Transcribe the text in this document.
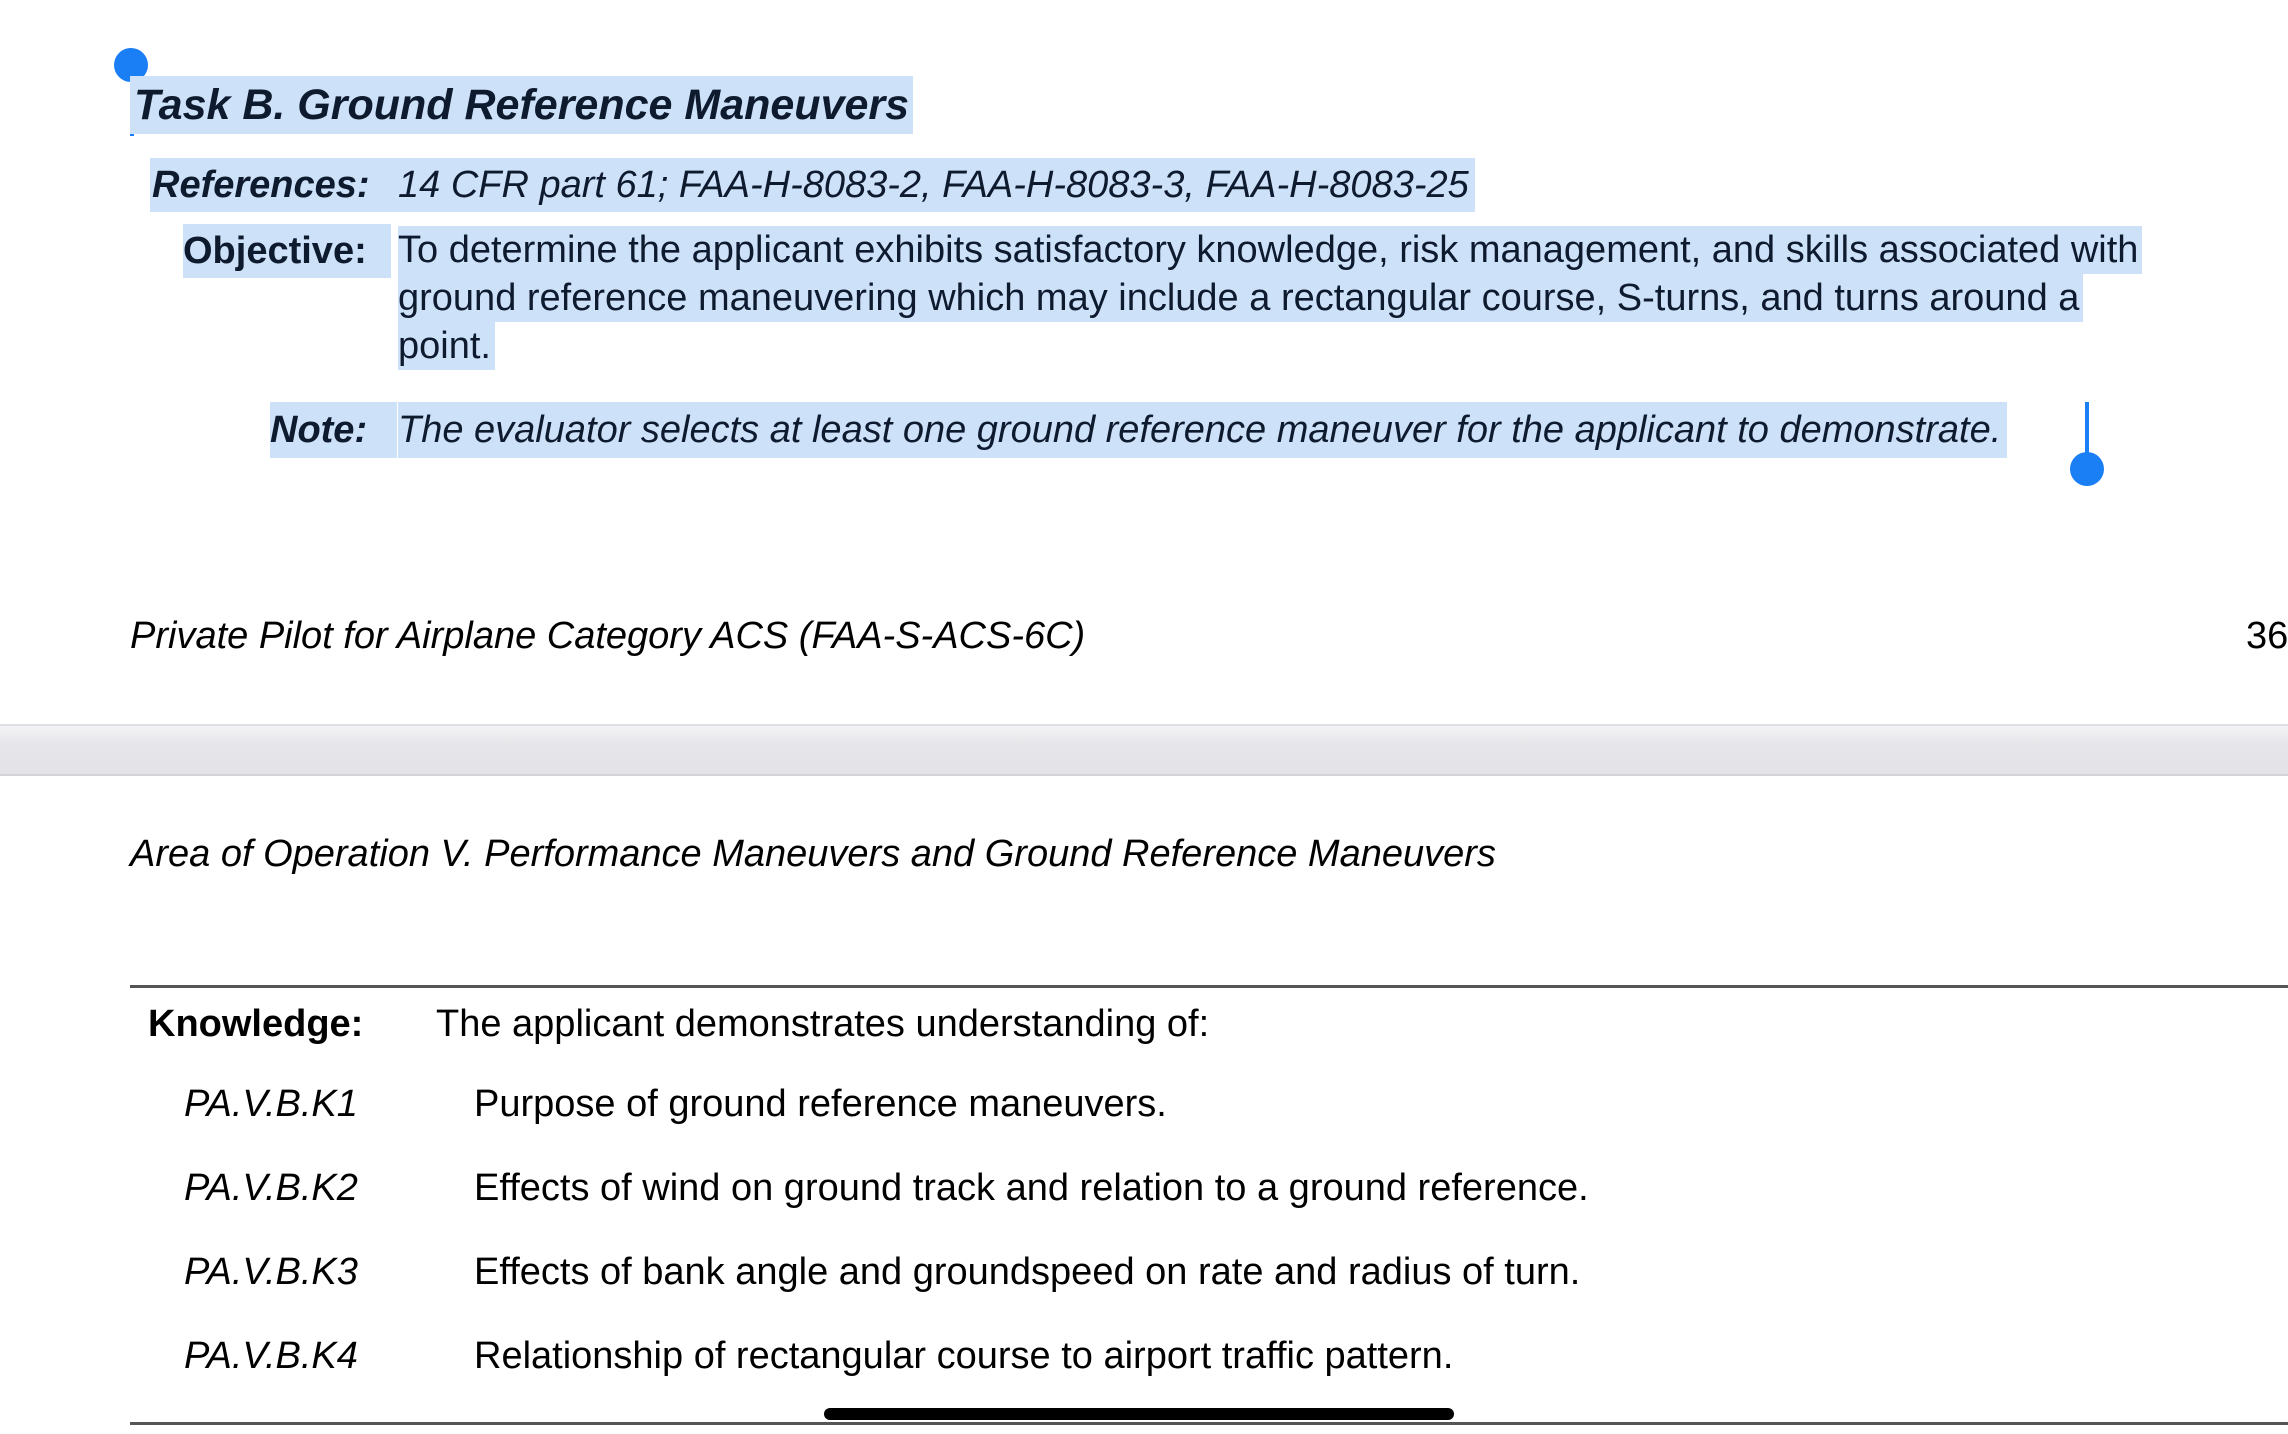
Task B. Ground Reference Maneuvers
References: 14 CFR part 61; FAA-H-8083-2, FAA-H-8083-3, FAA-H-8083-25
Objective: To determine the applicant exhibits satisfactory knowledge, risk management, and skills associated with
ground reference maneuvering which may include a rectangular course, S-turns, and turns around a
point.
Note: The evaluator selects at least one ground reference maneuver for the applicant to demonstrate.
Private Pilot for Airplane Category ACS (FAA-S-ACS-6C)	36
Area of Operation V. Performance Maneuvers and Ground Reference Maneuvers
Knowledge: The applicant demonstrates understanding of:
PA.V.B.K1	Purpose of ground reference maneuvers.
PA.V.B.K2	Effects of wind on ground track and relation to a ground reference.
PA.V.B.K3	Effects of bank angle and groundspeed on rate and radius of turn.
PA.V.B.K4	Relationship of rectangular course to airport traffic pattern.
